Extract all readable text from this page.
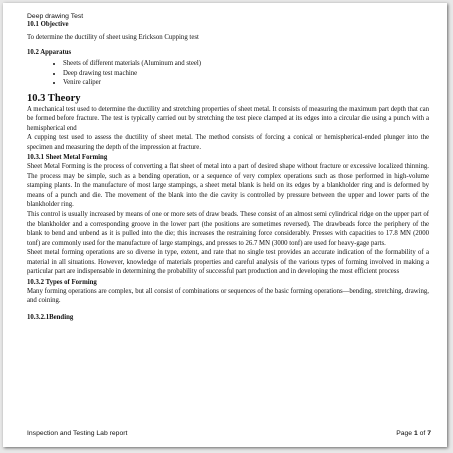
Deep drawing Test
10.1 Objective

To determine the ductility of sheet using Erickson Cupping test

10.2 Apparatus
• Sheets of different materials (Aluminum and steel)
• Deep drawing test machine
• Venire caliper
10.3 Theory

A mechanical test used to determine the ductility and stretching properties of sheet metal. It consists of measuring the maximum part depth that can be formed before fracture. The test is typically carried out by stretching the test piece clamped at its edges into a circular die using a punch with a hemispherical end

A cupping test used to assess the ductility of sheet metal. The method consists of forcing a conical or hemispherical-ended plunger into the specimen and measuring the depth of the impression at fracture.

10.3.1 Sheet Metal Forming

Sheet Metal Forming is the process of converting a flat sheet of metal into a part of desired shape without fracture or excessive localized thinning. The process may be simple, such as a bending operation, or a sequence of very complex operations such as those performed in high-volume stamping plants. In the manufacture of most large stampings, a sheet metal blank is held on its edges by a blankholder ring and is deformed by means of a punch and die. The movement of the blank into the die cavity is controlled by pressure between the upper and lower parts of the blankholder ring.

This control is usually increased by means of one or more sets of draw beads. These consist of an almost semi cylindrical ridge on the upper part of the blankholder and a corresponding groove in the lower part (the positions are sometimes reversed). The drawbeads force the periphery of the blank to bend and unbend as it is pulled into the die; this increases the restraining force considerably. Presses with capacities to 17.8 MN (2000 tonf) are commonly used for the manufacture of large stampings, and presses to 26.7 MN (3000 tonf) are used for heavy-gage parts.

Sheet metal forming operations are so diverse in type, extent, and rate that no single test provides an accurate indication of the formability of a material in all situations. However, knowledge of materials properties and careful analysis of the various types of forming involved in making a particular part are indispensable in determining the probability of successful part production and in developing the most efficient process

10.3.2 Types of Forming

Many forming operations are complex, but all consist of combinations or sequences of the basic forming operations—bending, stretching, drawing, and coining.

10.3.2.1Bending
Inspection and Testing Lab report	Page 1 of 7
